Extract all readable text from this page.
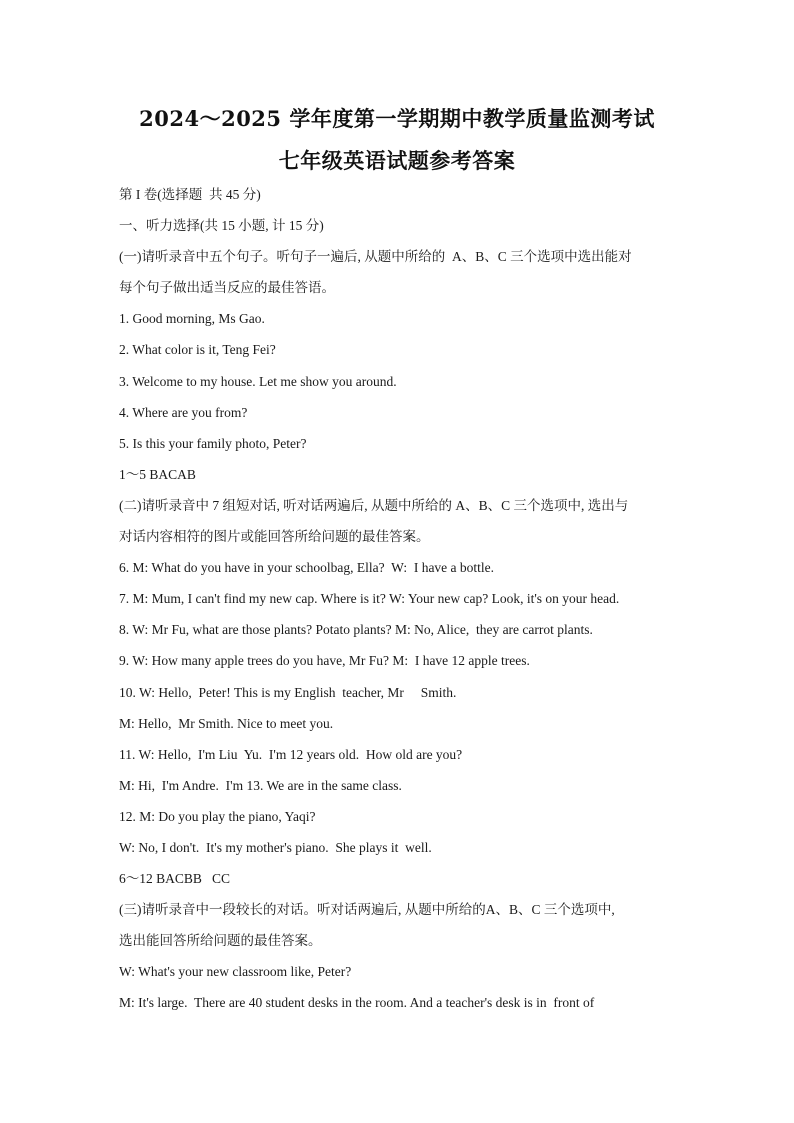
2024～2025 学年度第一学期期中教学质量监测考试
七年级英语试题参考答案
第 I 卷(选择题  共 45 分)
一、听力选择(共 15 小题, 计 15 分)
(一)请听录音中五个句子。听句子一遍后, 从题中所给的  A、B、C 三个选项中选出能对
每个句子做出适当反应的最佳答语。
1. Good morning, Ms Gao.
2. What color is it, Teng Fei?
3. Welcome to my house. Let me show you around.
4. Where are you from?
5. Is this your family photo, Peter?
1～5 BACAB
(二)请听录音中 7 组短对话, 听对话两遍后, 从题中所给的 A、B、C 三个选项中, 选出与
对话内容相符的图片或能回答所给问题的最佳答案。
6. M: What do you have in your schoolbag, Ella?  W:  I have a bottle.
7. M: Mum, I can't find my new cap. Where is it? W: Your new cap? Look, it's on your head.
8. W: Mr Fu, what are those plants? Potato plants? M: No, Alice,  they are carrot plants.
9. W: How many apple trees do you have, Mr Fu? M:  I have 12 apple trees.
10. W: Hello,  Peter! This is my English  teacher, Mr     Smith.
M: Hello,  Mr Smith. Nice to meet you.
11. W: Hello,  I'm Liu  Yu.  I'm 12 years old.  How old are you?
M: Hi,  I'm Andre.  I'm 13. We are in the same class.
12. M: Do you play the piano, Yaqi?
W: No, I don't.  It's my mother's piano.  She plays it  well.
6～12 BACBB   CC
(三)请听录音中一段较长的对话。听对话两遍后, 从题中所给的A、B、C 三个选项中,
选出能回答所给问题的最佳答案。
W: What's your new classroom like, Peter?
M: It's large.  There are 40 student desks in the room. And a teacher's desk is in  front of
